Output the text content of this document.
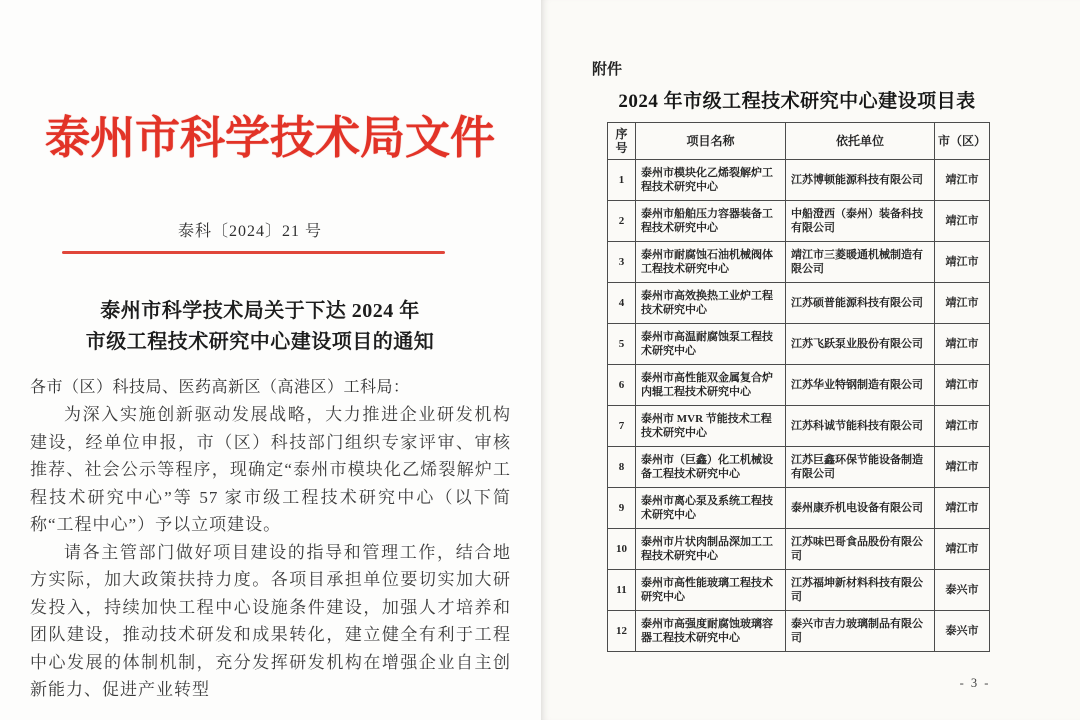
泰州市科学技术局文件
泰科〔2024〕21 号
泰州市科学技术局关于下达 2024 年
市级工程技术研究中心建设项目的通知
各市（区）科技局、医药高新区（高港区）工科局：

为深入实施创新驱动发展战略，大力推进企业研发机构建设，经单位申报，市（区）科技部门组织专家评审、审核推荐、社会公示等程序，现确定“泰州市模块化乙烯裂解炉工程技术研究中心”等 57 家市级工程技术研究中心（以下简称“工程中心”）予以立项建设。

请各主管部门做好项目建设的指导和管理工作，结合地方实际，加大政策扶持力度。各项目承担单位要切实加大研发投入，持续加快工程中心设施条件建设，加强人才培养和团队建设，推动技术研发和成果转化，建立健全有利于工程中心发展的体制机制，充分发挥研发机构在增强企业自主创新能力、促进产业转型

附件
2024 年市级工程技术研究中心建设项目表
序号	项目名称	依托单位	市（区）
1	泰州市模块化乙烯裂解炉工程技术研究中心	江苏博顿能源科技有限公司	靖江市
2	泰州市船舶压力容器装备工程技术研究中心	中船澄西（泰州）装备科技有限公司	靖江市
3	泰州市耐腐蚀石油机械阀体工程技术研究中心	靖江市三菱暖通机械制造有限公司	靖江市
4	泰州市高效换热工业炉工程技术研究中心	江苏硕普能源科技有限公司	靖江市
5	泰州市高温耐腐蚀泵工程技术研究中心	江苏飞跃泵业股份有限公司	靖江市
6	泰州市高性能双金属复合炉内辊工程技术研究中心	江苏华业特钢制造有限公司	靖江市
7	泰州市 MVR 节能技术工程技术研究中心	江苏科诚节能科技有限公司	靖江市
8	泰州市（巨鑫）化工机械设备工程技术研究中心	江苏巨鑫环保节能设备制造有限公司	靖江市
9	泰州市离心泵及系统工程技术研究中心	泰州康乔机电设备有限公司	靖江市
10	泰州市片状肉制品深加工工程技术研究中心	江苏味巴哥食品股份有限公司	靖江市
11	泰州市高性能玻璃工程技术研究中心	江苏福坤新材料科技有限公司	泰兴市
12	泰州市高强度耐腐蚀玻璃容器工程技术研究中心	泰兴市吉力玻璃制品有限公司	泰兴市
- 3 -
